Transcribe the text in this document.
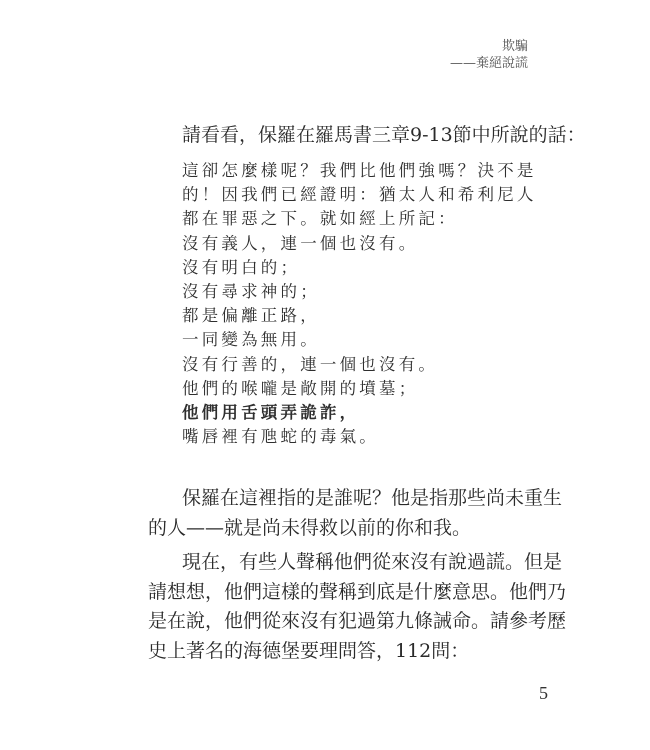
欺騙
——棄絕說謊
請看看，保羅在羅馬書三章9-13節中所說的話：
這卻怎麼樣呢？我們比他們強嗎？決不是
的！因我們已經證明：猶太人和希利尼人
都在罪惡之下。就如經上所記：
沒有義人，連一個也沒有。
沒有明白的；
沒有尋求神的；
都是偏離正路，
一同變為無用。
沒有行善的，連一個也沒有。
他們的喉嚨是敞開的墳墓；
他們用舌頭弄詭詐，
嘴唇裡有虺蛇的毒氣。
保羅在這裡指的是誰呢？他是指那些尚未重生
的人——就是尚未得救以前的你和我。
現在，有些人聲稱他們從來沒有說過謊。但是
請想想，他們這樣的聲稱到底是什麼意思。他們乃
是在說，他們從來沒有犯過第九條誡命。請參考歷
史上著名的海德堡要理問答，112問：
5
